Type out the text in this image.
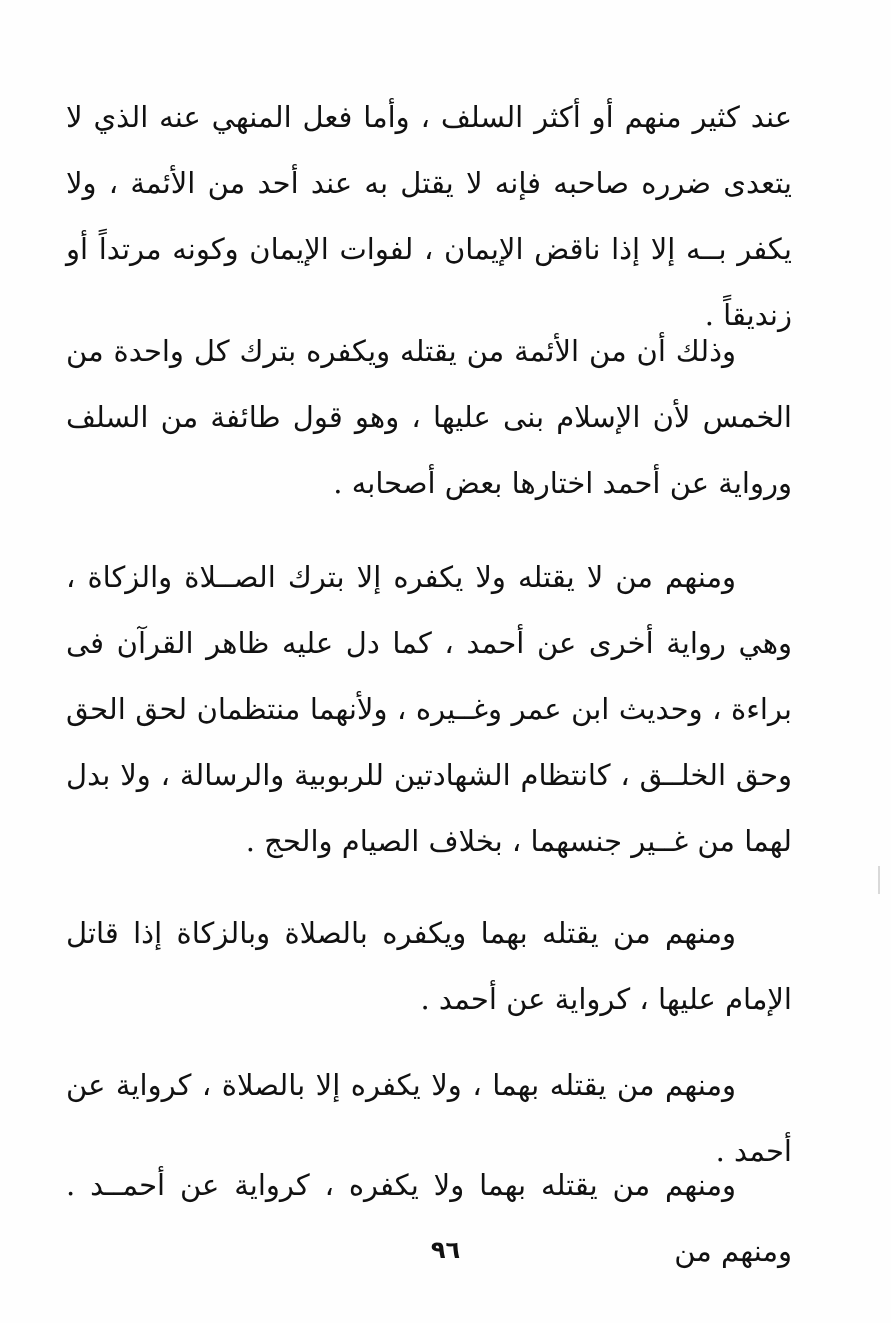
عند كثير منهم أو أكثر السلف ، وأما فعل المنهي عنه الذي لا يتعدى ضرره صاحبه فإنه لا يقتل به عند أحد من الأئمة ، ولا يكفر بــه إلا إذا ناقض الإيمان ، لفوات الإيمان وكونه مرتداً أو زنديقاً .

وذلك أن من الأئمة من يقتله ويكفره بترك كل واحدة من الخمس لأن الإسلام بنى عليها ، وهو قول طائفة من السلف ورواية عن أحمد اختارها بعض أصحابه .

ومنهم من لا يقتله ولا يكفره إلا بترك الصــلاة والزكاة ، وهي رواية أخرى عن أحمد ، كما دل عليه ظاهر القرآن فى براءة ، وحديث ابن عمر وغــيره ، ولأنهما منتظمان لحق الحق وحق الخلــق ، كانتظام الشهادتين للربوبية والرسالة ، ولا بدل لهما من غــير جنسهما ، بخلاف الصيام والحج .

ومنهم من يقتله بهما ويكفره بالصلاة وبالزكاة إذا قاتل الإمام عليها ، كرواية عن أحمد .

ومنهم من يقتله بهما ، ولا يكفره إلا بالصلاة ، كرواية عن أحمد .

ومنهم من يقتله بهما ولا يكفره ، كرواية عن أحمــد . ومنهم من

٩٦
